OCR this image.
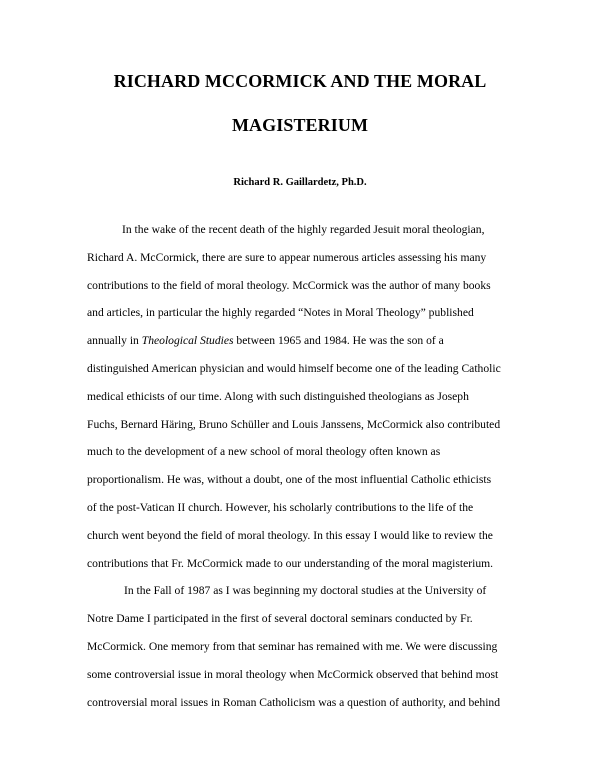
RICHARD MCCORMICK AND THE MORAL
MAGISTERIUM
Richard R. Gaillardetz, Ph.D.
In the wake of the recent death of the highly regarded Jesuit moral theologian,
Richard A. McCormick, there are sure to appear numerous articles assessing his many
contributions to the field of moral theology. McCormick was the author of many books
and articles, in particular the highly regarded “Notes in Moral Theology” published
annually in Theological Studies between 1965 and 1984. He was the son of a
distinguished American physician and would himself become one of the leading Catholic
medical ethicists of our time. Along with such distinguished theologians as Joseph
Fuchs, Bernard Häring, Bruno Schüller and Louis Janssens, McCormick also contributed
much to the development of a new school of moral theology often known as
proportionalism. He was, without a doubt, one of the most influential Catholic ethicists
of the post-Vatican II church. However, his scholarly contributions to the life of the
church went beyond the field of moral theology. In this essay I would like to review the
contributions that Fr. McCormick made to our understanding of the moral magisterium.
In the Fall of 1987 as I was beginning my doctoral studies at the University of
Notre Dame I participated in the first of several doctoral seminars conducted by Fr.
McCormick. One memory from that seminar has remained with me. We were discussing
some controversial issue in moral theology when McCormick observed that behind most
controversial moral issues in Roman Catholicism was a question of authority, and behind
